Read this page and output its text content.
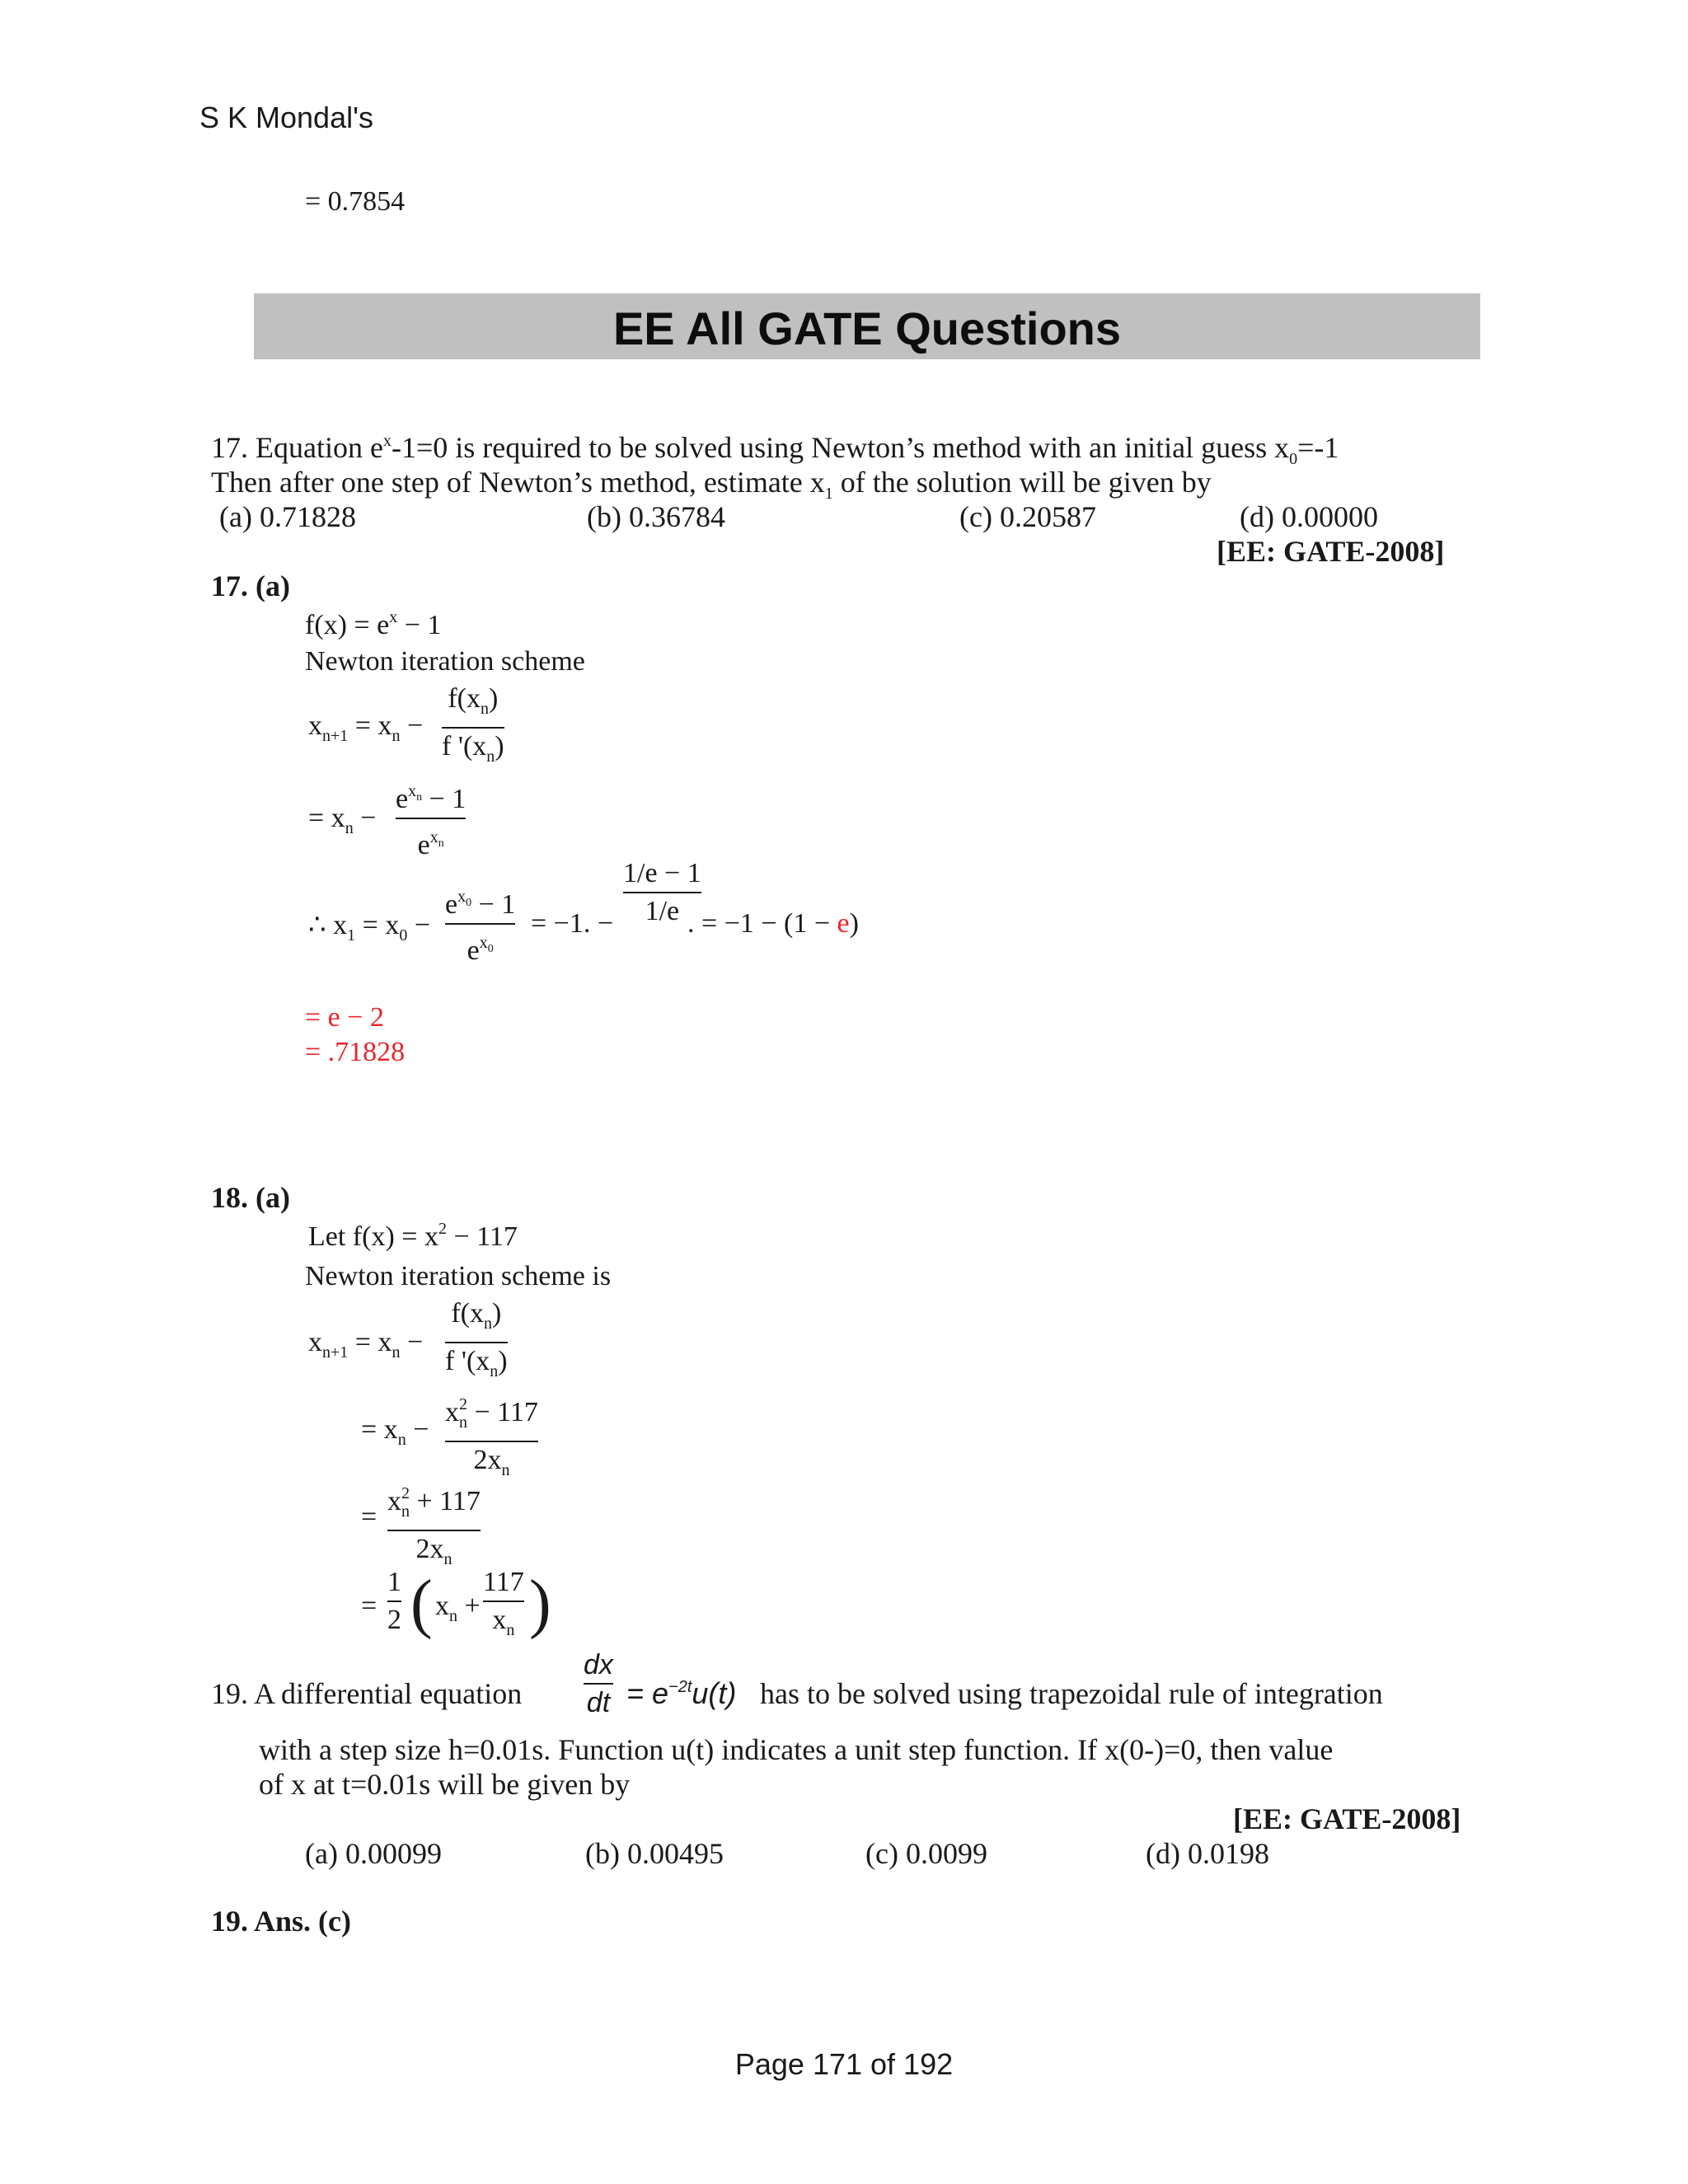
S K Mondal's
= 0.7854
EE All GATE Questions
17. Equation $e^x-1=0$ is required to be solved using Newton’s method with an initial guess $x_0=-1$
Then after one step of Newton’s method, estimate $x_1$ of the solution will be given by
(a) 0.71828	(b) 0.36784	(c) 0.20587	(d) 0.00000
[EE: GATE-2008]
17. (a)
$f(x) = e^x - 1$
Newton iteration scheme
$x_{n+1} = x_n$ −
$f(x_n)$
f '$(x_n)$
= $x_n$ −
$e^{x_n} - 1$
$e^{x_n}$
∴ $x_1 = x_0$ −
$e^{x_0} - 1$
$e^{x_0}$
= −1. −
1/e − 1
1/e . = −1 − (1 − e)
= e − 2
= .71828
18. (a)
Let $f(x) = x^2 - 117$
Newton iteration scheme is
$x_{n+1} = x_n$ −
$f(x_n)$
f '$(x_n)$
= $x_n$ −
$x^2_n - 117$
$2x_n$
=
$x^2_n + 117$
$2x_n$
=
1
2 ( $x_n$ +
117
$x_n$ )
19. A differential equation
dx
dt = $e^{-2t}u(t)$ has to be solved using trapezoidal rule of integration
with a step size h=0.01s. Function u(t) indicates a unit step function. If x(0-)=0, then value
of x at t=0.01s will be given by
[EE: GATE-2008]
(a) 0.00099	(b) 0.00495	(c) 0.0099	(d) 0.0198
19. Ans. (c)
Page 171 of 192
